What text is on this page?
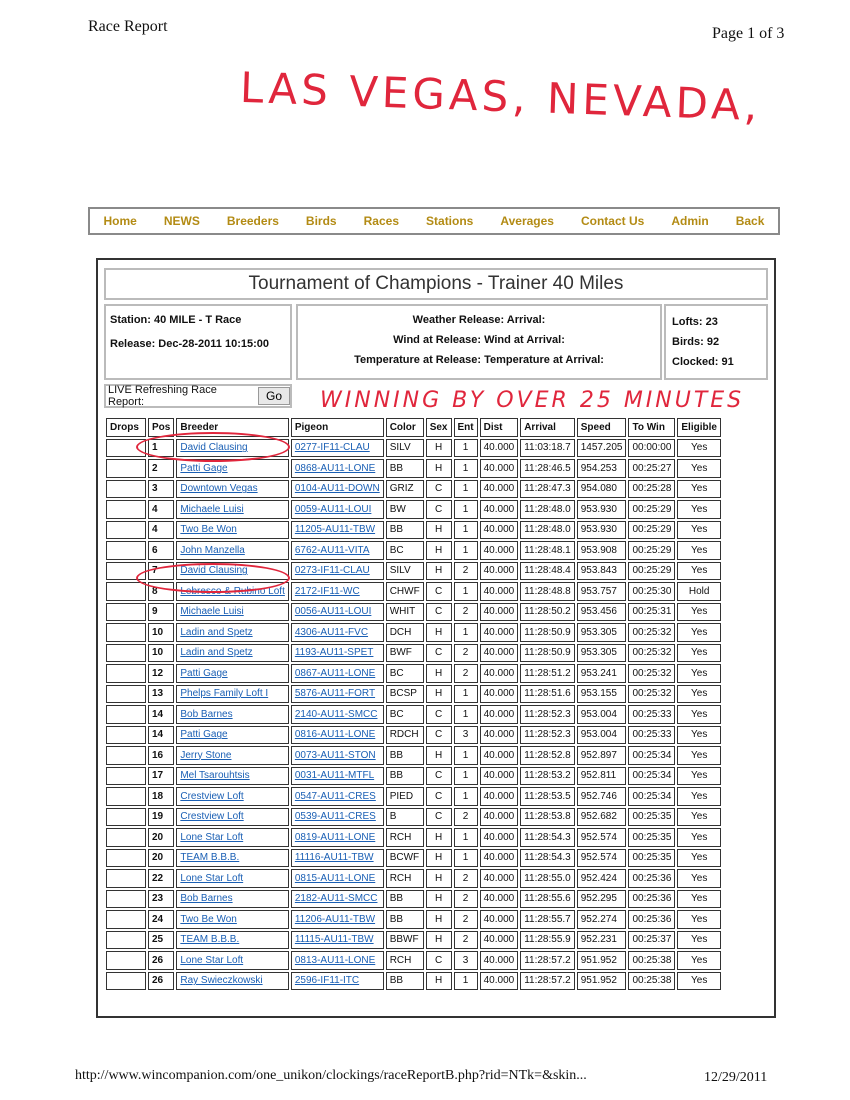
Race Report	Page 1 of 3
LAS VEGAS, NEVADA,
Home NEWS Breeders Birds Races Stations Averages Contact Us Admin Back
Tournament of Champions - Trainer 40 Miles
Station: 40 MILE - T Race
Release: Dec-28-2011 10:15:00
Weather Release: Arrival:
Wind at Release: Wind at Arrival:
Temperature at Release: Temperature at Arrival:
Lofts: 23
Birds: 92
Clocked: 91
LIVE Refreshing Race Report:	Go
Drops	Pos	Breeder	Pigeon	Color	Sex	Ent	Dist	Arrival	Speed	To Win	Eligible
	1	David Clausing	0277-IF11-CLAU	SILV	H	1	40.000	11:03:18.7	1457.205	00:00:00	Yes
	2	Patti Gage	0868-AU11-LONE	BB	H	1	40.000	11:28:46.5	954.253	00:25:27	Yes
	3	Downtown Vegas	0104-AU11-DOWN	GRIZ	C	1	40.000	11:28:47.3	954.080	00:25:28	Yes
	4	Michaele Luisi	0059-AU11-LOUI	BW	C	1	40.000	11:28:48.0	953.930	00:25:29	Yes
	4	Two Be Won	11205-AU11-TBW	BB	H	1	40.000	11:28:48.0	953.930	00:25:29	Yes
	6	John Manzella	6762-AU11-VITA	BC	H	1	40.000	11:28:48.1	953.908	00:25:29	Yes
	7	David Clausing	0273-IF11-CLAU	SILV	H	2	40.000	11:28:48.4	953.843	00:25:29	Yes
	8	Lebresco & Rubino Loft	2172-IF11-WC	CHWF	C	1	40.000	11:28:48.8	953.757	00:25:30	Hold
	9	Michaele Luisi	0056-AU11-LOUI	WHIT	C	2	40.000	11:28:50.2	953.456	00:25:31	Yes
	10	Ladin and Spetz	4306-AU11-FVC	DCH	H	1	40.000	11:28:50.9	953.305	00:25:32	Yes
	10	Ladin and Spetz	1193-AU11-SPET	BWF	C	2	40.000	11:28:50.9	953.305	00:25:32	Yes
	12	Patti Gage	0867-AU11-LONE	BC	H	2	40.000	11:28:51.2	953.241	00:25:32	Yes
	13	Phelps Family Loft I	5876-AU11-FORT	BCSP	H	1	40.000	11:28:51.6	953.155	00:25:32	Yes
	14	Bob Barnes	2140-AU11-SMCC	BC	C	1	40.000	11:28:52.3	953.004	00:25:33	Yes
	14	Patti Gage	0816-AU11-LONE	RDCH	C	3	40.000	11:28:52.3	953.004	00:25:33	Yes
	16	Jerry Stone	0073-AU11-STON	BB	H	1	40.000	11:28:52.8	952.897	00:25:34	Yes
	17	Mel Tsarouhtsis	0031-AU11-MTFL	BB	C	1	40.000	11:28:53.2	952.811	00:25:34	Yes
	18	Crestview Loft	0547-AU11-CRES	PIED	C	1	40.000	11:28:53.5	952.746	00:25:34	Yes
	19	Crestview Loft	0539-AU11-CRES	B	C	2	40.000	11:28:53.8	952.682	00:25:35	Yes
	20	Lone Star Loft	0819-AU11-LONE	RCH	H	1	40.000	11:28:54.3	952.574	00:25:35	Yes
	20	TEAM B.B.B.	11116-AU11-TBW	BCWF	H	1	40.000	11:28:54.3	952.574	00:25:35	Yes
	22	Lone Star Loft	0815-AU11-LONE	RCH	H	2	40.000	11:28:55.0	952.424	00:25:36	Yes
	23	Bob Barnes	2182-AU11-SMCC	BB	H	2	40.000	11:28:55.6	952.295	00:25:36	Yes
	24	Two Be Won	11206-AU11-TBW	BB	H	2	40.000	11:28:55.7	952.274	00:25:36	Yes
	25	TEAM B.B.B.	11115-AU11-TBW	BBWF	H	2	40.000	11:28:55.9	952.231	00:25:37	Yes
	26	Lone Star Loft	0813-AU11-LONE	RCH	C	3	40.000	11:28:57.2	951.952	00:25:38	Yes
	26	Ray Swieczkowski	2596-IF11-ITC	BB	H	1	40.000	11:28:57.2	951.952	00:25:38	Yes
WINNING BY OVER 25 MINUTES
http://www.wincompanion.com/one_unikon/clockings/raceReportB.php?rid=NTk=&skin...	12/29/2011
